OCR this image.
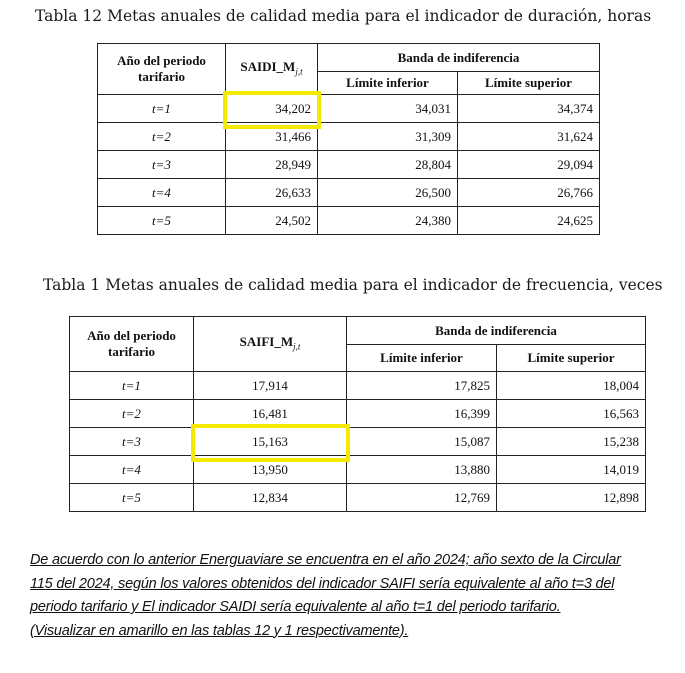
Tabla 12 Metas anuales de calidad media para el indicador de duración, horas
Año del periodo tarifario	$SAIDI\_M_{j,t}$	Banda de indiferencia	
		Límite inferior	Límite superior
t=1	34,202	34,031	34,374
t=2	31,466	31,309	31,624
t=3	28,949	28,804	29,094
t=4	26,633	26,500	26,766
t=5	24,502	24,380	24,625
Tabla 1 Metas anuales de calidad media para el indicador de frecuencia, veces
Año del periodo tarifario	$SAIFI\_M_{j,t}$	Banda de indiferencia	
		Límite inferior	Límite superior
t=1	17,914	17,825	18,004
t=2	16,481	16,399	16,563
t=3	15,163	15,087	15,238
t=4	13,950	13,880	14,019
t=5	12,834	12,769	12,898
De acuerdo con lo anterior Energuaviare se encuentra en el año 2024; año sexto de la Circular
115 del 2024, según los valores obtenidos del indicador SAIFI sería equivalente al año t=3 del
periodo tarifario y El indicador SAIDI sería equivalente al año t=1 del periodo tarifario.
(Visualizar en amarillo en las tablas 12 y 1 respectivamente).
